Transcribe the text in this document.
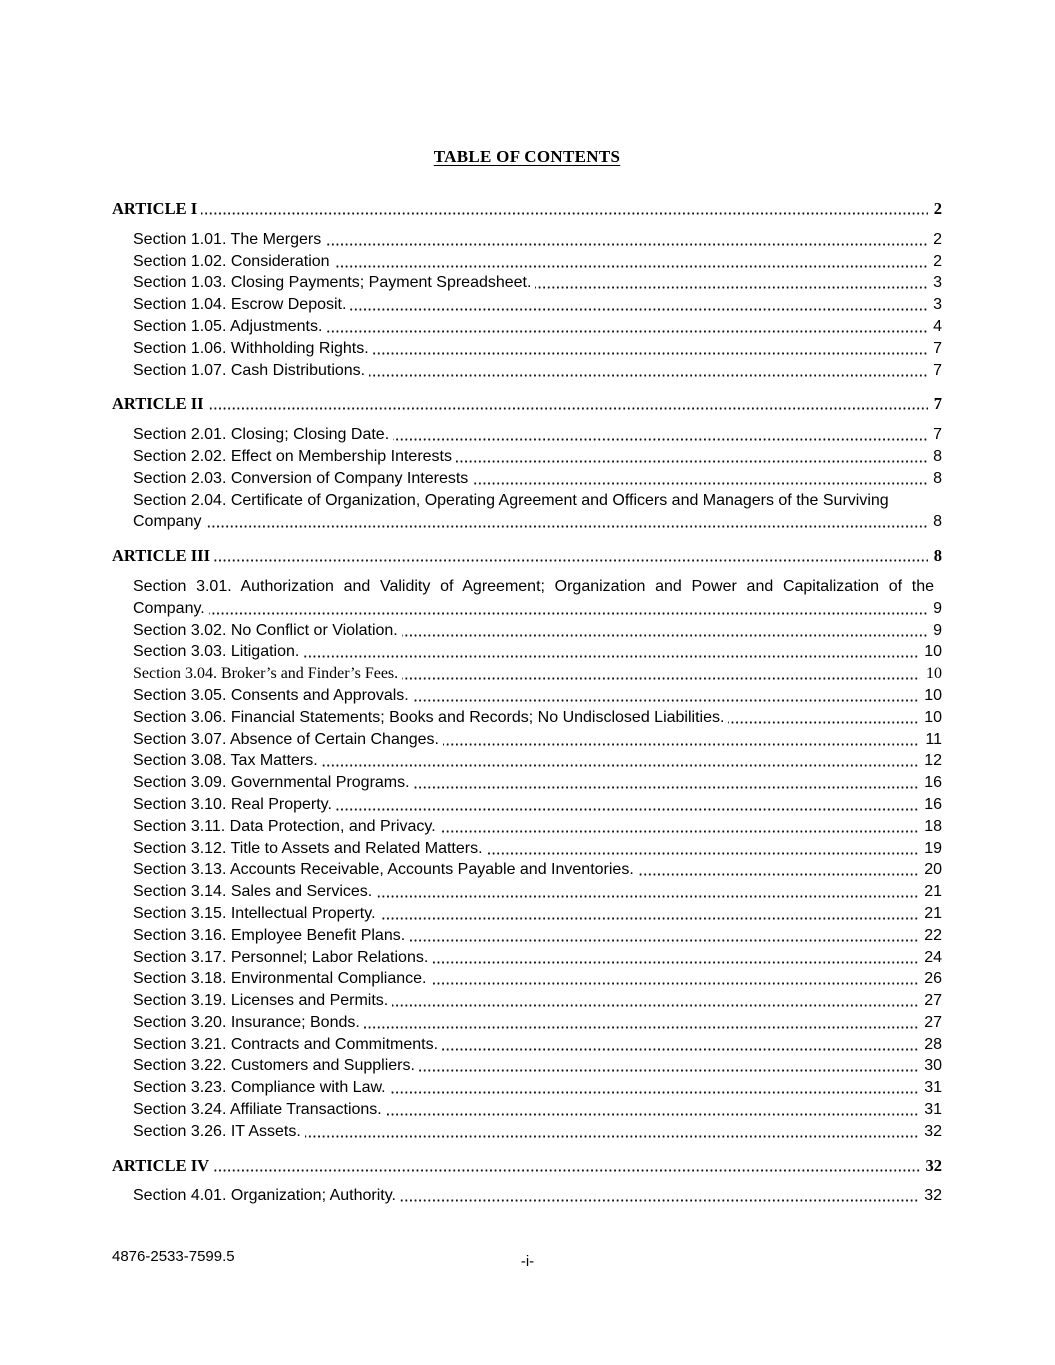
TABLE OF CONTENTS
ARTICLE I	2
Section 1.01. The Mergers	2
Section 1.02. Consideration	2
Section 1.03. Closing Payments; Payment Spreadsheet.	3
Section 1.04. Escrow Deposit.	3
Section 1.05. Adjustments.	4
Section 1.06. Withholding Rights.	7
Section 1.07. Cash Distributions.	7
ARTICLE II	7
Section 2.01. Closing; Closing Date.	7
Section 2.02. Effect on Membership Interests	8
Section 2.03. Conversion of Company Interests	8
Section 2.04. Certificate of Organization, Operating Agreement and Officers and Managers of the Surviving Company	8
ARTICLE III	8
Section 3.01. Authorization and Validity of Agreement; Organization and Power and Capitalization of the Company.	9
Section 3.02. No Conflict or Violation.	9
Section 3.03. Litigation.	10
Section 3.04. Broker’s and Finder’s Fees.	10
Section 3.05. Consents and Approvals.	10
Section 3.06. Financial Statements; Books and Records; No Undisclosed Liabilities.	10
Section 3.07. Absence of Certain Changes.	11
Section 3.08. Tax Matters.	12
Section 3.09. Governmental Programs.	16
Section 3.10. Real Property.	16
Section 3.11. Data Protection, and Privacy.	18
Section 3.12. Title to Assets and Related Matters.	19
Section 3.13. Accounts Receivable, Accounts Payable and Inventories.	20
Section 3.14. Sales and Services.	21
Section 3.15. Intellectual Property.	21
Section 3.16. Employee Benefit Plans.	22
Section 3.17. Personnel; Labor Relations.	24
Section 3.18. Environmental Compliance.	26
Section 3.19. Licenses and Permits.	27
Section 3.20. Insurance; Bonds.	27
Section 3.21. Contracts and Commitments.	28
Section 3.22. Customers and Suppliers.	30
Section 3.23. Compliance with Law.	31
Section 3.24. Affiliate Transactions.	31
Section 3.26. IT Assets.	32
ARTICLE IV	32
Section 4.01. Organization; Authority.	32
4876-2533-7599.5	-i-
